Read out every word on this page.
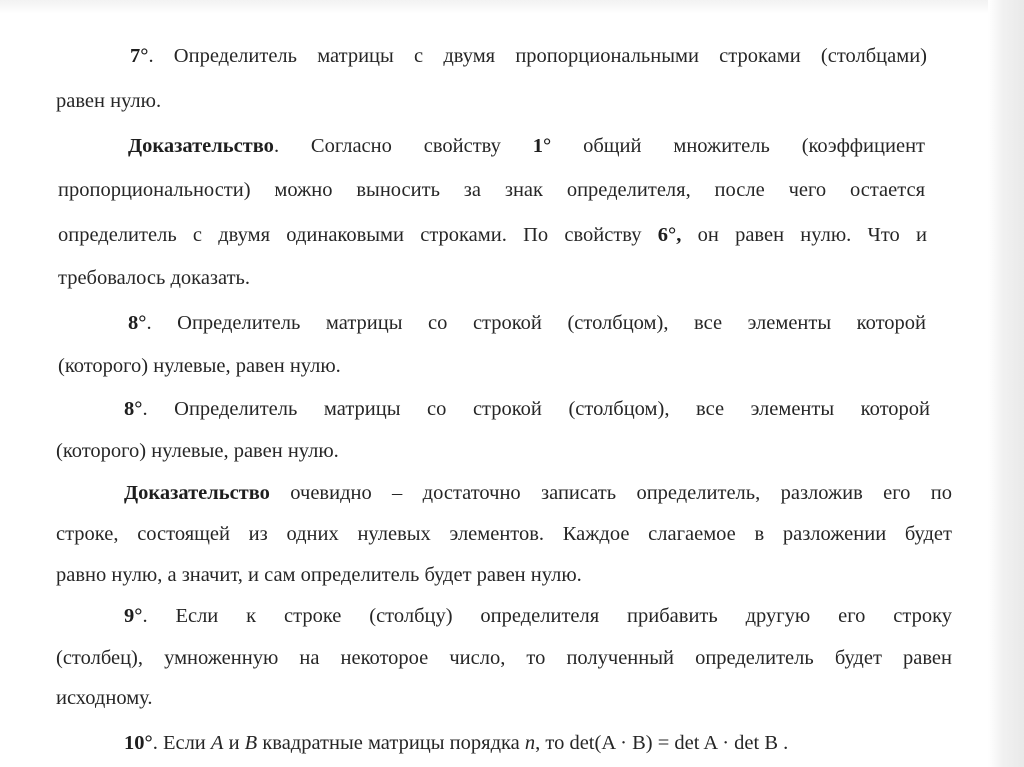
7°. Определитель матрицы с двумя пропорциональными строками (столбцами)
равен нулю.
Доказательство. Согласно свойству 1° общий множитель (коэффициент
пропорциональности) можно выносить за знак определителя, после чего остается
определитель с двумя одинаковыми строками. По свойству 6°, он равен нулю. Что и
требовалось доказать.
8°. Определитель матрицы со строкой (столбцом), все элементы которой
(которого) нулевые, равен нулю.
8°. Определитель матрицы со строкой (столбцом), все элементы которой
(которого) нулевые, равен нулю.
Доказательство очевидно – достаточно записать определитель, разложив его по
строке, состоящей из одних нулевых элементов. Каждое слагаемое в разложении будет
равно нулю, а значит, и сам определитель будет равен нулю.
9°. Если к строке (столбцу) определителя прибавить другую его строку
(столбец), умноженную на некоторое число, то полученный определитель будет равен
исходному.
10°. Если A и B квадратные матрицы порядка n, то det(A · B) = det A · det B .
